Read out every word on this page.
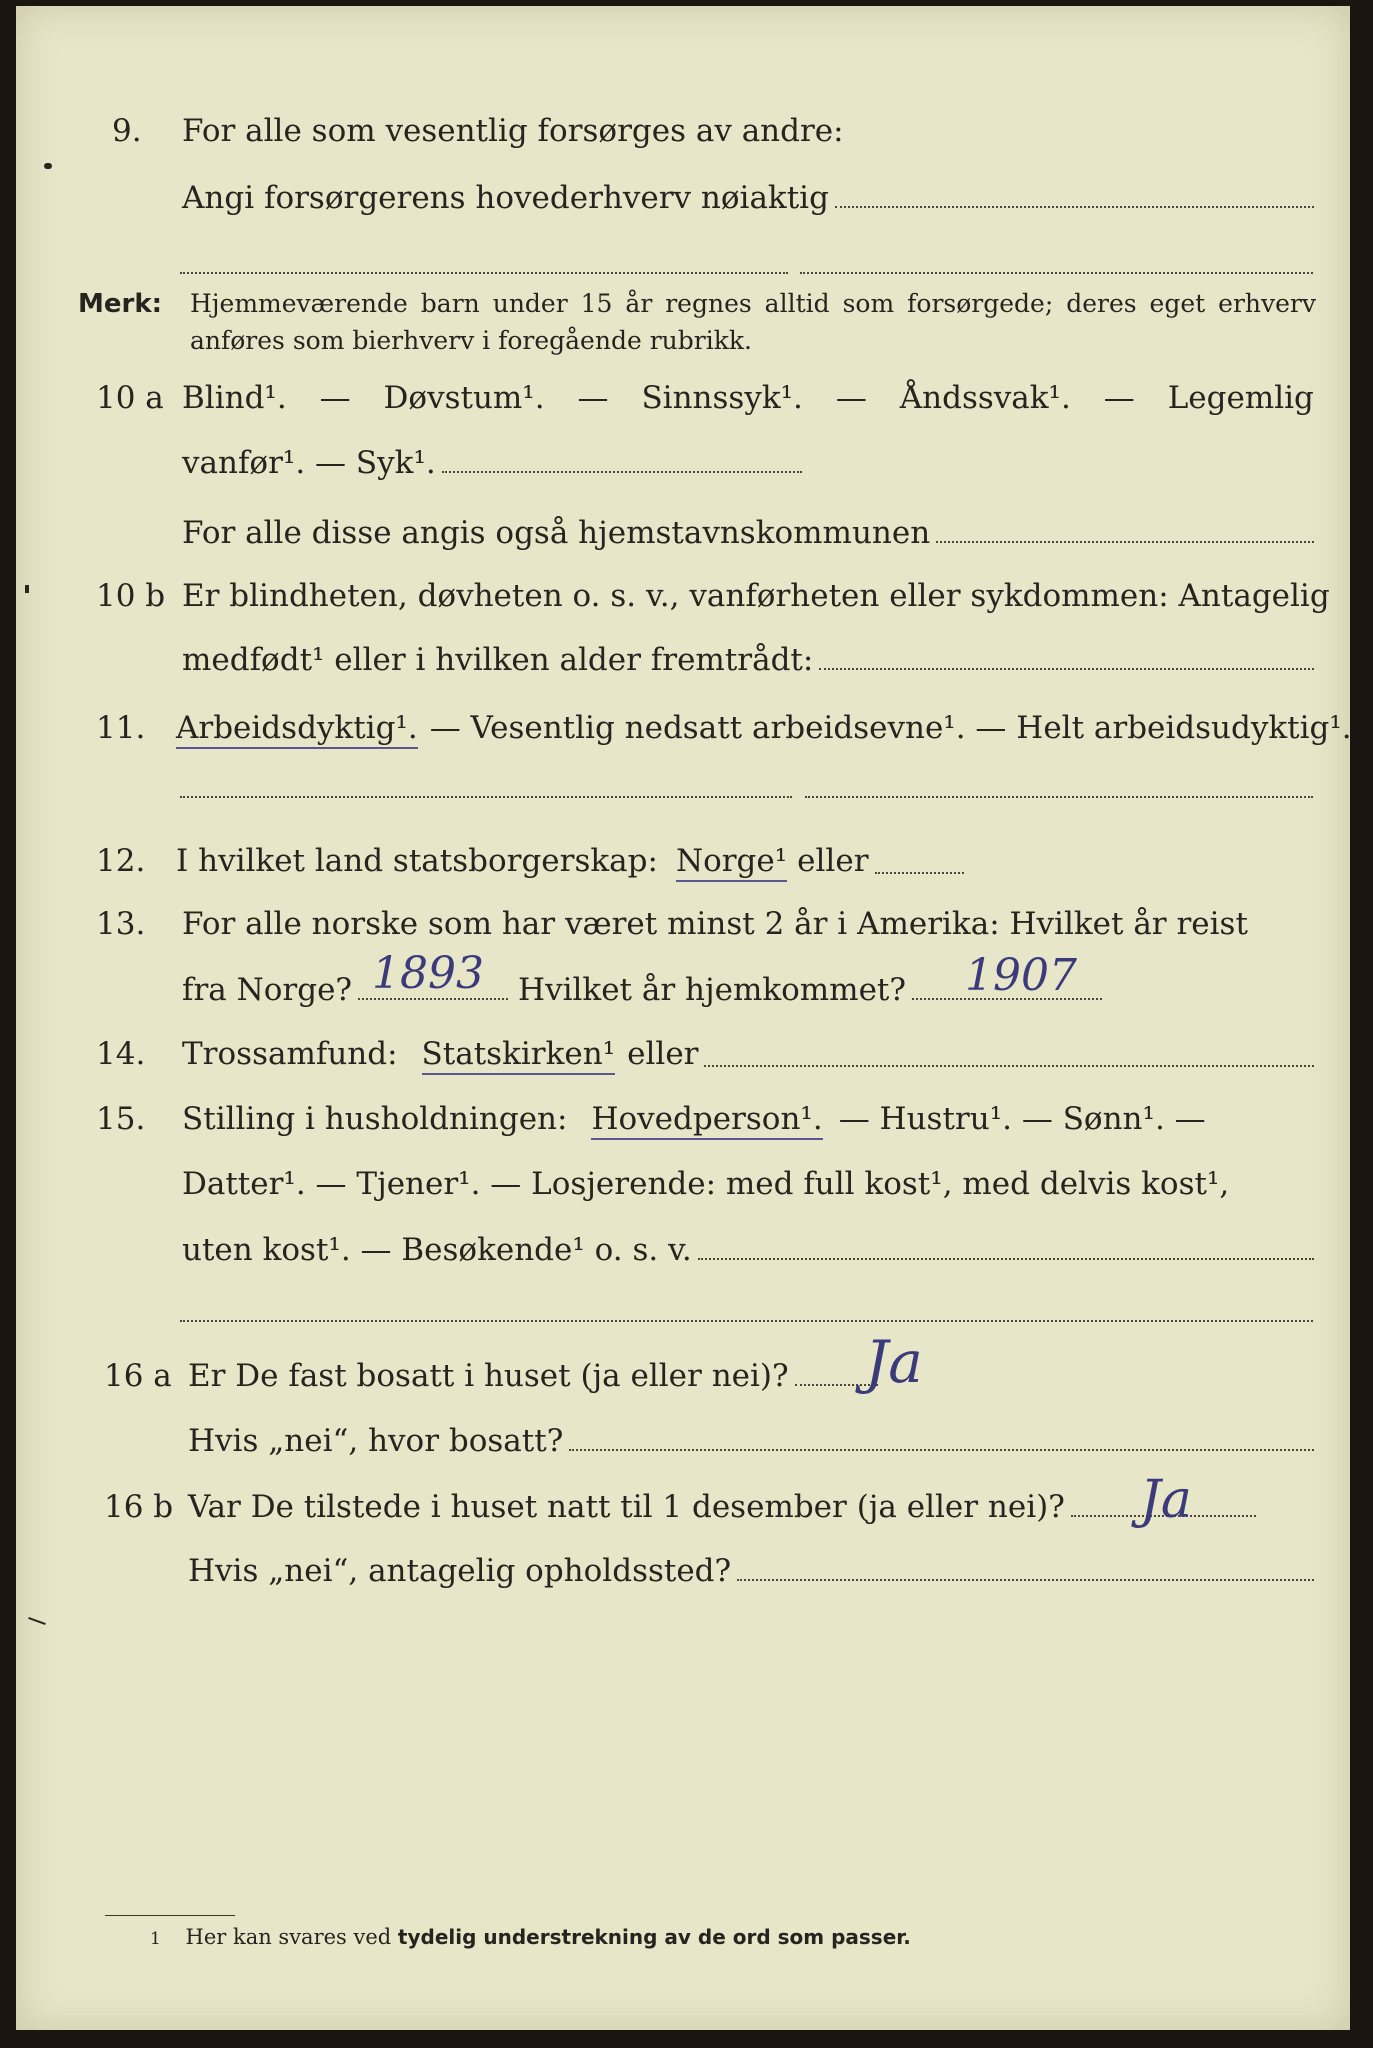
9. For alle som vesentlig forsørges av andre:
Angi forsørgerens hovederhverv nøiaktig
Merk: Hjemmeværende barn under 15 år regnes alltid som forsørgede; deres eget erhverv anføres som bierhverv i foregående rubrikk.
10 a Blind¹. — Døvstum¹. — Sinnssyk¹. — Åndssvak¹. — Legemlig
vanfør¹. — Syk¹.
For alle disse angis også hjemstavnskommunen
10 b Er blindheten, døvheten o. s. v., vanførheten eller sykdommen: Antagelig
medfødt¹ eller i hvilken alder fremtrådt:
11. Arbeidsdyktig¹. — Vesentlig nedsatt arbeidsevne¹. — Helt arbeidsudyktig¹.
12. I hvilket land statsborgerskap: Norge¹ eller
13. For alle norske som har været minst 2 år i Amerika: Hvilket år reist
fra Norge?	Hvilket år hjemkommet?
1893	1907
14. Trossamfund: Statskirken¹ eller
15. Stilling i husholdningen: Hovedperson¹. — Hustru¹. — Sønn¹. —
Datter¹. — Tjener¹. — Losjerende: med full kost¹, med delvis kost¹,
uten kost¹. — Besøkende¹ o. s. v.
16 a Er De fast bosatt i huset (ja eller nei)? Ja
Hvis „nei“, hvor bosatt?
16 b Var De tilstede i huset natt til 1 desember (ja eller nei)? Ja
Hvis „nei“, antagelig opholdssted?
1 Her kan svares ved tydelig understrekning av de ord som passer.
